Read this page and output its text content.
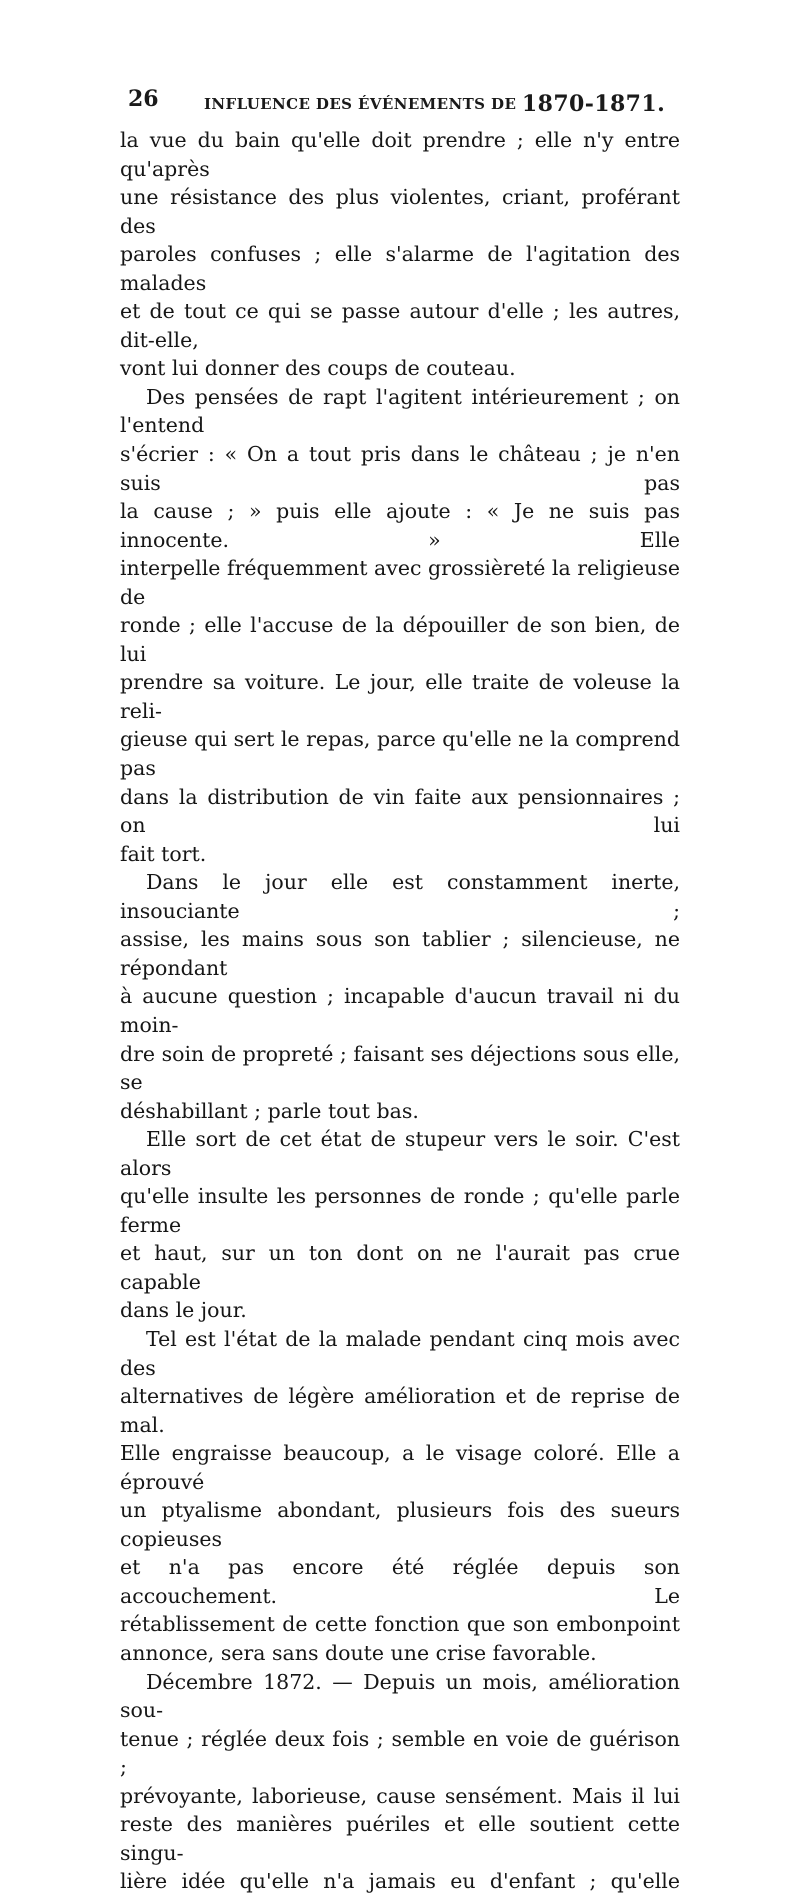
26	INFLUENCE DES ÉVÉNEMENTS DE 1870-1871.

la vue du bain qu'elle doit prendre ; elle n'y entre qu'après

une résistance des plus violentes, criant, proférant des

paroles confuses ; elle s'alarme de l'agitation des malades

et de tout ce qui se passe autour d'elle ; les autres, dit-elle,

vont lui donner des coups de couteau.

Des pensées de rapt l'agitent intérieurement ; on l'entend

s'écrier : « On a tout pris dans le château ; je n'en suis pas

la cause ; » puis elle ajoute : « Je ne suis pas innocente. » Elle

interpelle fréquemment avec grossièreté la religieuse de

ronde ; elle l'accuse de la dépouiller de son bien, de lui

prendre sa voiture. Le jour, elle traite de voleuse la reli-

gieuse qui sert le repas, parce qu'elle ne la comprend pas

dans la distribution de vin faite aux pensionnaires ; on lui

fait tort.

Dans le jour elle est constamment inerte, insouciante ;

assise, les mains sous son tablier ; silencieuse, ne répondant

à aucune question ; incapable d'aucun travail ni du moin-

dre soin de propreté ; faisant ses déjections sous elle, se

déshabillant ; parle tout bas.

Elle sort de cet état de stupeur vers le soir. C'est alors

qu'elle insulte les personnes de ronde ; qu'elle parle ferme

et haut, sur un ton dont on ne l'aurait pas crue capable

dans le jour.

Tel est l'état de la malade pendant cinq mois avec des

alternatives de légère amélioration et de reprise de mal.

Elle engraisse beaucoup, a le visage coloré. Elle a éprouvé

un ptyalisme abondant, plusieurs fois des sueurs copieuses

et n'a pas encore été réglée depuis son accouchement. Le

rétablissement de cette fonction que son embonpoint

annonce, sera sans doute une crise favorable.

Décembre 1872. — Depuis un mois, amélioration sou-

tenue ; réglée deux fois ; semble en voie de guérison ;

prévoyante, laborieuse, cause sensément. Mais il lui

reste des manières puériles et elle soutient cette singu-

lière idée qu'elle n'a jamais eu d'enfant ; qu'elle
